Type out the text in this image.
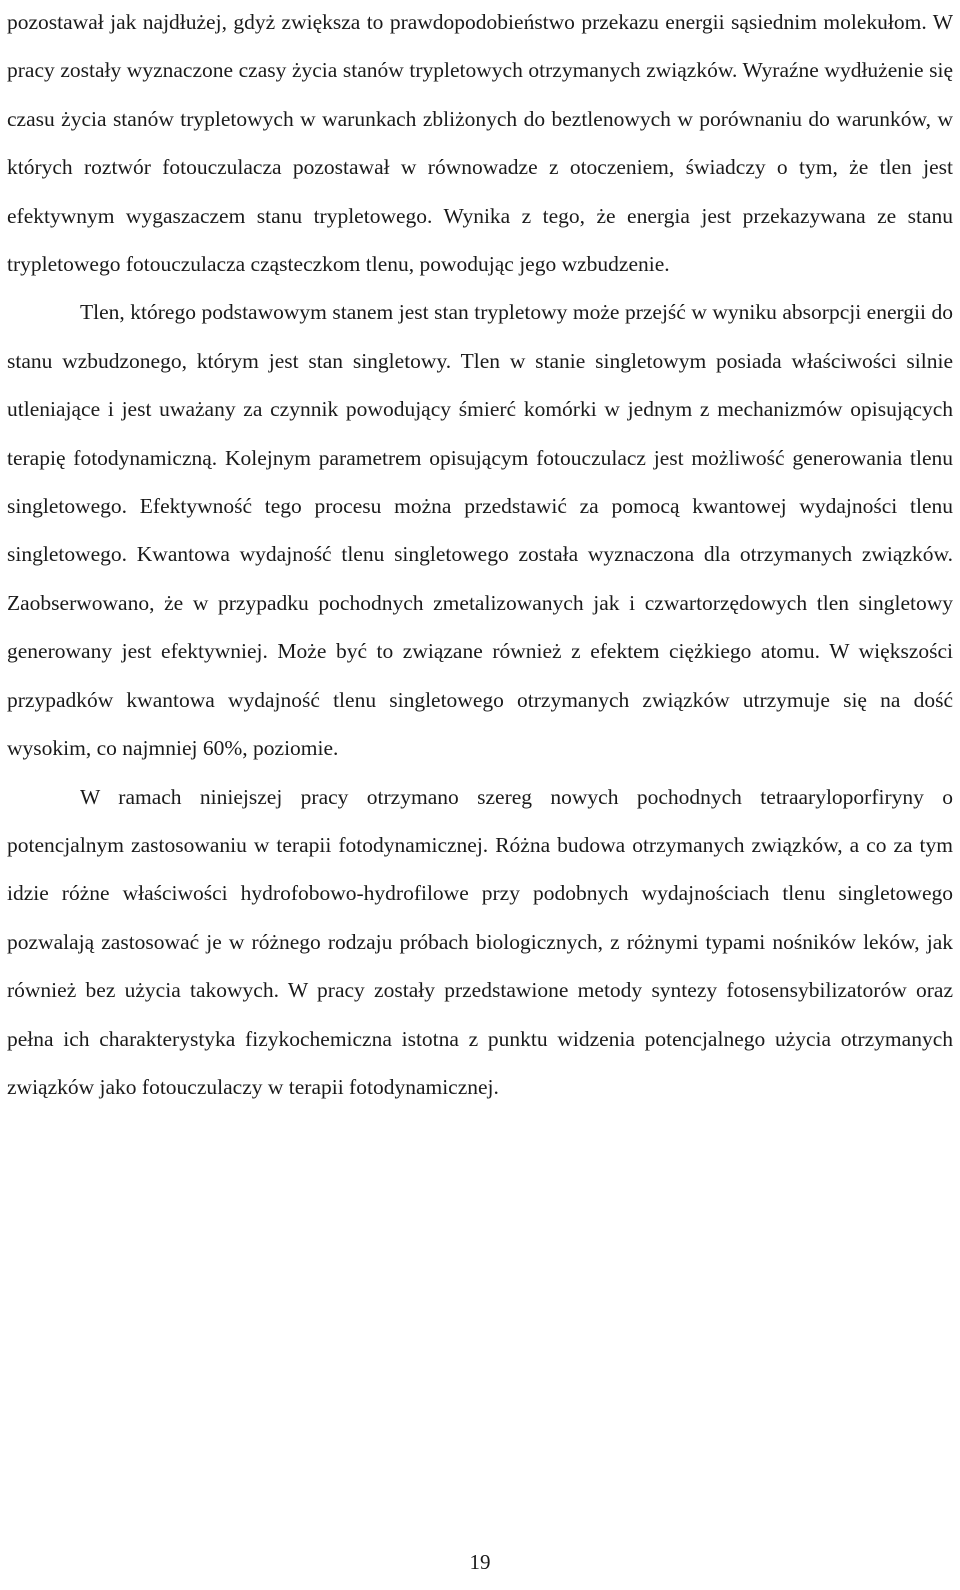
pozostawał jak najdłużej, gdyż zwiększa to prawdopodobieństwo przekazu energii sąsiednim molekułom. W pracy zostały wyznaczone czasy życia stanów trypletowych otrzymanych związków. Wyraźne wydłużenie się czasu życia stanów trypletowych w warunkach zbliżonych do beztlenowych w porównaniu do warunków, w których roztwór fotouczulacza pozostawał w równowadze z otoczeniem, świadczy o tym, że tlen jest efektywnym wygaszaczem stanu trypletowego. Wynika z tego, że energia jest przekazywana ze stanu trypletowego fotouczulacza cząsteczkom tlenu, powodując jego wzbudzenie.

Tlen, którego podstawowym stanem jest stan trypletowy może przejść w wyniku absorpcji energii do stanu wzbudzonego, którym jest stan singletowy. Tlen w stanie singletowym posiada właściwości silnie utleniające i jest uważany za czynnik powodujący śmierć komórki w jednym z mechanizmów opisujących terapię fotodynamiczną. Kolejnym parametrem opisującym fotouczulacz jest możliwość generowania tlenu singletowego. Efektywność tego procesu można przedstawić za pomocą kwantowej wydajności tlenu singletowego. Kwantowa wydajność tlenu singletowego została wyznaczona dla otrzymanych związków. Zaobserwowano, że w przypadku pochodnych zmetalizowanych jak i czwartorzędowych tlen singletowy generowany jest efektywniej. Może być to związane również z efektem ciężkiego atomu. W większości przypadków kwantowa wydajność tlenu singletowego otrzymanych związków utrzymuje się na dość wysokim, co najmniej 60%, poziomie.

W ramach niniejszej pracy otrzymano szereg nowych pochodnych tetraaryloporfiryny o potencjalnym zastosowaniu w terapii fotodynamicznej. Różna budowa otrzymanych związków, a co za tym idzie różne właściwości hydrofobowo-hydrofilowe przy podobnych wydajnościach tlenu singletowego pozwalają zastosować je w różnego rodzaju próbach biologicznych, z różnymi typami nośników leków, jak również bez użycia takowych. W pracy zostały przedstawione metody syntezy fotosensybilizatorów oraz pełna ich charakterystyka fizykochemiczna istotna z punktu widzenia potencjalnego użycia otrzymanych związków jako fotouczulaczy w terapii fotodynamicznej.

19
